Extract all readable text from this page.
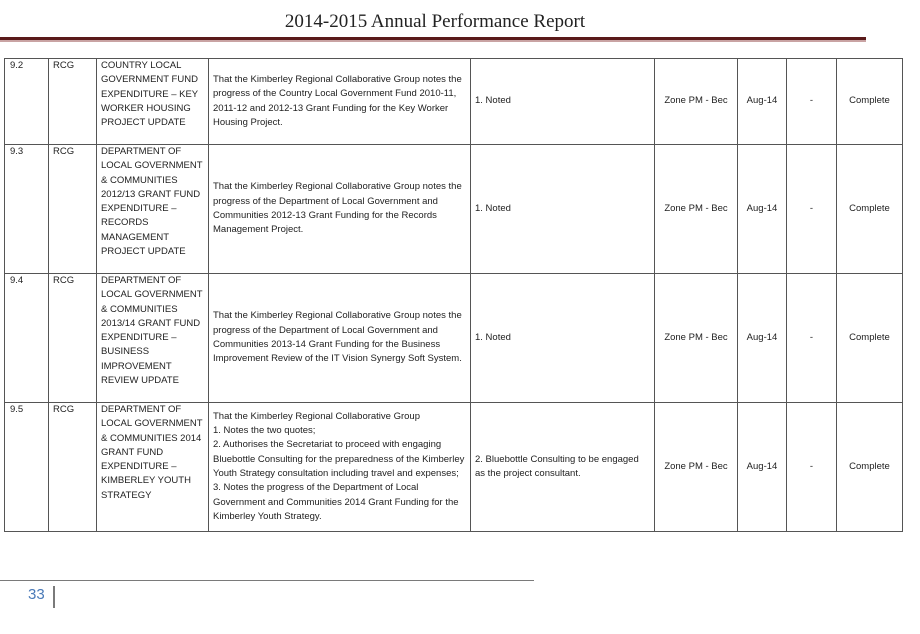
2014-2015 Annual Performance Report
9.2	RCG	COUNTRY LOCAL GOVERNMENT FUND EXPENDITURE – KEY WORKER HOUSING PROJECT UPDATE	That the Kimberley Regional Collaborative Group notes the progress of the Country Local Government Fund 2010-11, 2011-12 and 2012-13 Grant Funding for the Key Worker Housing Project.	1. Noted	Zone PM - Bec	Aug-14	-	Complete
9.3	RCG	DEPARTMENT OF LOCAL GOVERNMENT & COMMUNITIES 2012/13 GRANT FUND EXPENDITURE – RECORDS MANAGEMENT PROJECT UPDATE	That the Kimberley Regional Collaborative Group notes the progress of the Department of Local Government and Communities 2012-13 Grant Funding for the Records Management Project.	1. Noted	Zone PM - Bec	Aug-14	-	Complete
9.4	RCG	DEPARTMENT OF LOCAL GOVERNMENT & COMMUNITIES 2013/14 GRANT FUND EXPENDITURE – BUSINESS IMPROVEMENT REVIEW UPDATE	That the Kimberley Regional Collaborative Group notes the progress of the Department of Local Government and Communities 2013-14 Grant Funding for the Business Improvement Review of the IT Vision Synergy Soft System.	1. Noted	Zone PM - Bec	Aug-14	-	Complete
9.5	RCG	DEPARTMENT OF LOCAL GOVERNMENT & COMMUNITIES 2014 GRANT FUND EXPENDITURE – KIMBERLEY YOUTH STRATEGY	That the Kimberley Regional Collaborative Group
1. Notes the two quotes;
2. Authorises the Secretariat to proceed with engaging Bluebottle Consulting for the preparedness of the Kimberley Youth Strategy consultation including travel and expenses;
3. Notes the progress of the Department of Local Government and Communities 2014 Grant Funding for the Kimberley Youth Strategy.	2. Bluebottle Consulting to be engaged as the project consultant.	Zone PM - Bec	Aug-14	-	Complete
33
